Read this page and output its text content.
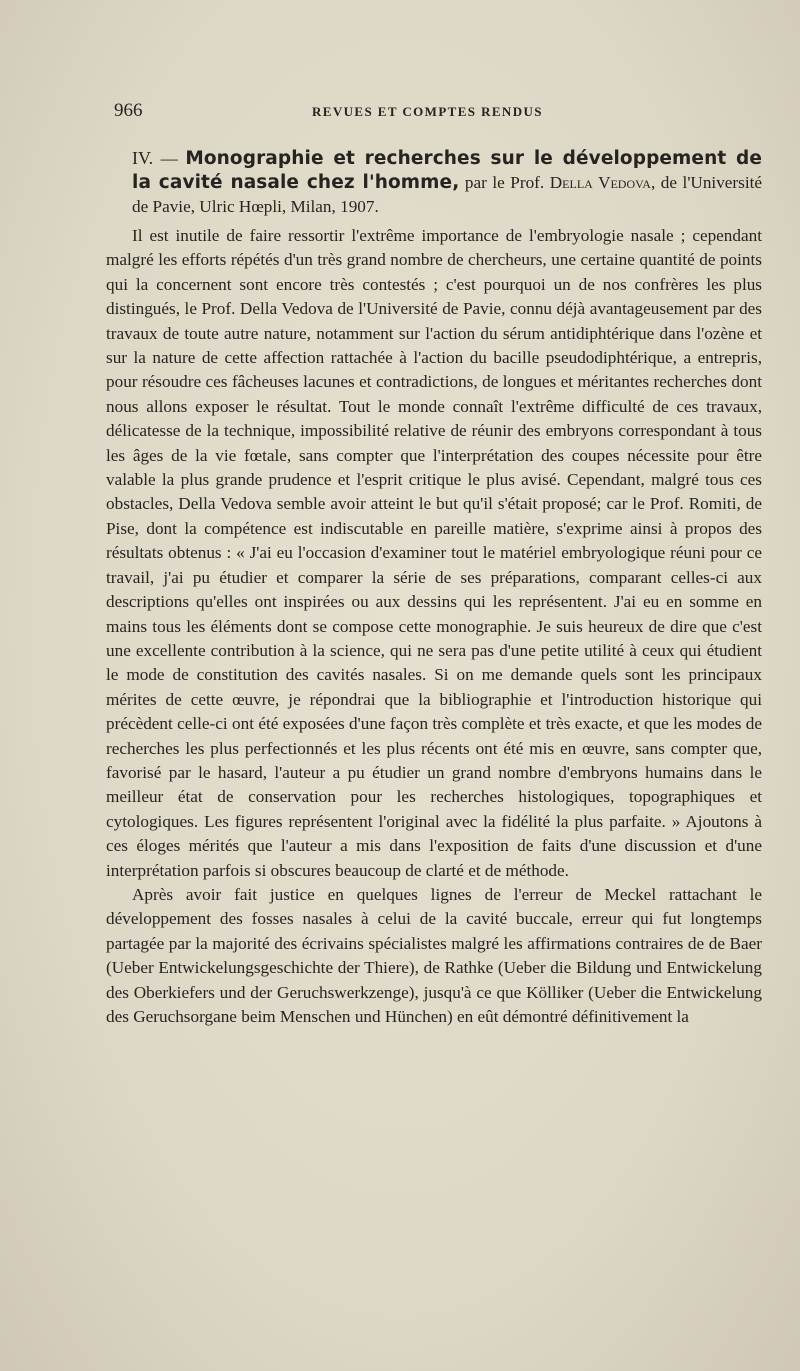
966	REVUES ET COMPTES RENDUS
IV. — Monographie et recherches sur le développement de la cavité nasale chez l'homme, par le Prof. Della Vedova, de l'Université de Pavie, Ulric Hœpli, Milan, 1907.

Il est inutile de faire ressortir l'extrême importance de l'embryologie nasale ; cependant malgré les efforts répétés d'un très grand nombre de chercheurs, une certaine quantité de points qui la concernent sont encore très contestés ; c'est pourquoi un de nos confrères les plus distingués, le Prof. Della Vedova de l'Université de Pavie, connu déjà avantageusement par des travaux de toute autre nature, notamment sur l'action du sérum antidiphtérique dans l'ozène et sur la nature de cette affection rattachée à l'action du bacille pseudodiphtérique, a entrepris, pour résoudre ces fâcheuses lacunes et contradictions, de longues et méritantes recherches dont nous allons exposer le résultat. Tout le monde connaît l'extrême difficulté de ces travaux, délicatesse de la technique, impossibilité relative de réunir des embryons correspondant à tous les âges de la vie fœtale, sans compter que l'interprétation des coupes nécessite pour être valable la plus grande prudence et l'esprit critique le plus avisé. Cependant, malgré tous ces obstacles, Della Vedova semble avoir atteint le but qu'il s'était proposé; car le Prof. Romiti, de Pise, dont la compétence est indiscutable en pareille matière, s'exprime ainsi à propos des résultats obtenus : « J'ai eu l'occasion d'examiner tout le matériel embryologique réuni pour ce travail, j'ai pu étudier et comparer la série de ses préparations, comparant celles-ci aux descriptions qu'elles ont inspirées ou aux dessins qui les représentent. J'ai eu en somme en mains tous les éléments dont se compose cette monographie. Je suis heureux de dire que c'est une excellente contribution à la science, qui ne sera pas d'une petite utilité à ceux qui étudient le mode de constitution des cavités nasales. Si on me demande quels sont les principaux mérites de cette œuvre, je répondrai que la bibliographie et l'introduction historique qui précèdent celle-ci ont été exposées d'une façon très complète et très exacte, et que les modes de recherches les plus perfectionnés et les plus récents ont été mis en œuvre, sans compter que, favorisé par le hasard, l'auteur a pu étudier un grand nombre d'embryons humains dans le meilleur état de conservation pour les recherches histologiques, topographiques et cytologiques. Les figures représentent l'original avec la fidélité la plus parfaite. » Ajoutons à ces éloges mérités que l'auteur a mis dans l'exposition de faits d'une discussion et d'une interprétation parfois si obscures beaucoup de clarté et de méthode.

Après avoir fait justice en quelques lignes de l'erreur de Meckel rattachant le développement des fosses nasales à celui de la cavité buccale, erreur qui fut longtemps partagée par la majorité des écrivains spécialistes malgré les affirmations contraires de de Baer (Ueber Entwickelungsgeschichte der Thiere), de Rathke (Ueber die Bildung und Entwickelung des Oberkiefers und der Geruchswerkzenge), jusqu'à ce que Kölliker (Ueber die Entwickelung des Geruchsorgane beim Menschen und Hünchen) en eût démontré définitivement la
